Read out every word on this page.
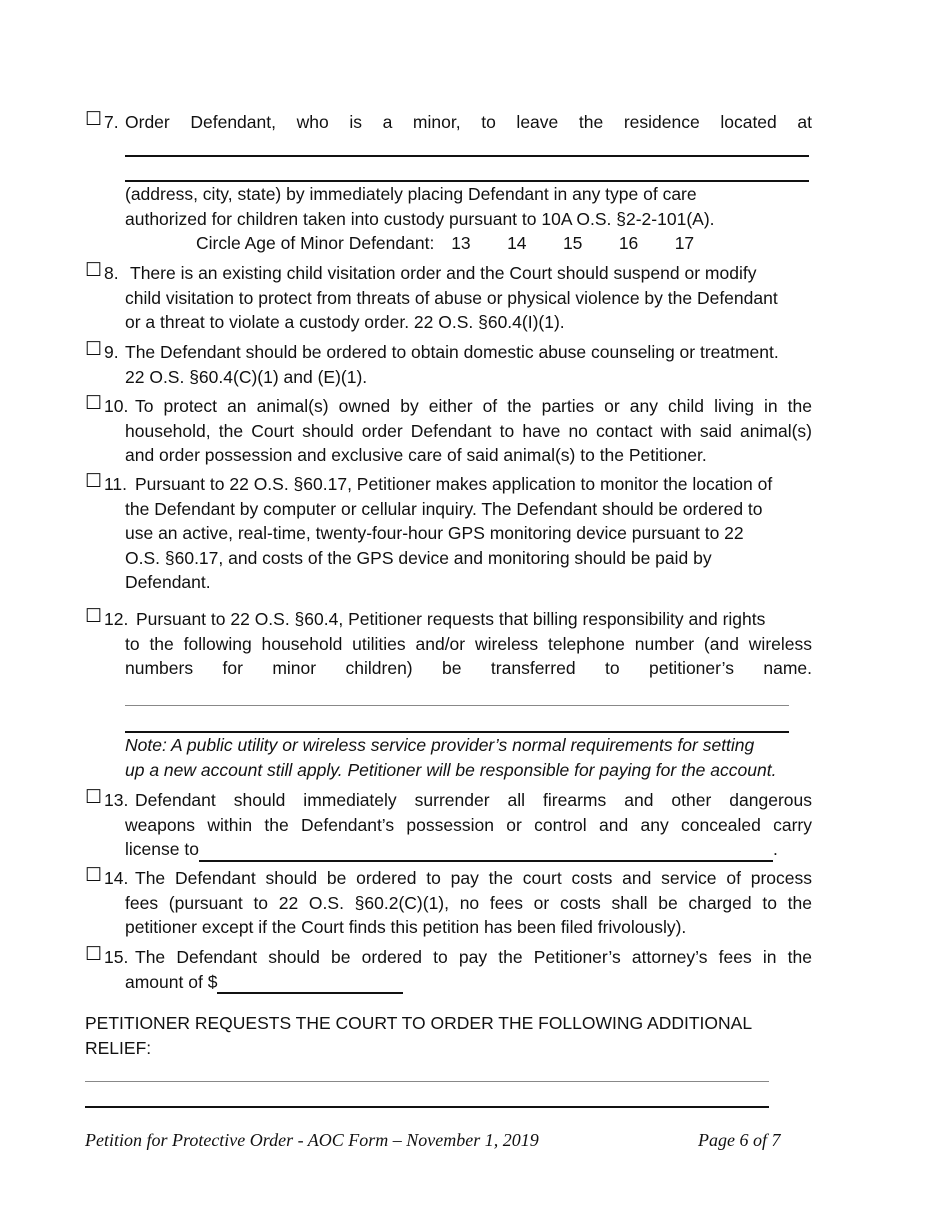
☐ 7. Order Defendant, who is a minor, to leave the residence located at
(address, city, state) by immediately placing Defendant in any type of care
authorized for children taken into custody pursuant to 10A O.S. §2-2-101(A).
Circle Age of Minor Defendant: 13 14 15 16 17
☐ 8. There is an existing child visitation order and the Court should suspend or modify
child visitation to protect from threats of abuse or physical violence by the Defendant
or a threat to violate a custody order. 22 O.S. §60.4(I)(1).
☐ 9. The Defendant should be ordered to obtain domestic abuse counseling or treatment.
22 O.S. §60.4(C)(1) and (E)(1).
☐ 10. To protect an animal(s) owned by either of the parties or any child living in the
household, the Court should order Defendant to have no contact with said animal(s)
and order possession and exclusive care of said animal(s) to the Petitioner.
☐ 11. Pursuant to 22 O.S. §60.17, Petitioner makes application to monitor the location of
the Defendant by computer or cellular inquiry. The Defendant should be ordered to
use an active, real-time, twenty-four-hour GPS monitoring device pursuant to 22
O.S. §60.17, and costs of the GPS device and monitoring should be paid by
Defendant.
☐ 12. Pursuant to 22 O.S. §60.4, Petitioner requests that billing responsibility and rights
to the following household utilities and/or wireless telephone number (and wireless
numbers for minor children) be transferred to petitioner’s name.
Note: A public utility or wireless service provider’s normal requirements for setting
up a new account still apply. Petitioner will be responsible for paying for the account.
☐ 13. Defendant should immediately surrender all firearms and other dangerous
weapons within the Defendant’s possession or control and any concealed carry
license to	.
☐ 14. The Defendant should be ordered to pay the court costs and service of process
fees (pursuant to 22 O.S. §60.2(C)(1), no fees or costs shall be charged to the
petitioner except if the Court finds this petition has been filed frivolously).
☐ 15. The Defendant should be ordered to pay the Petitioner’s attorney’s fees in the
amount of $
PETITIONER REQUESTS THE COURT TO ORDER THE FOLLOWING ADDITIONAL
RELIEF:
Petition for Protective Order - AOC Form – November 1, 2019	Page 6 of 7
